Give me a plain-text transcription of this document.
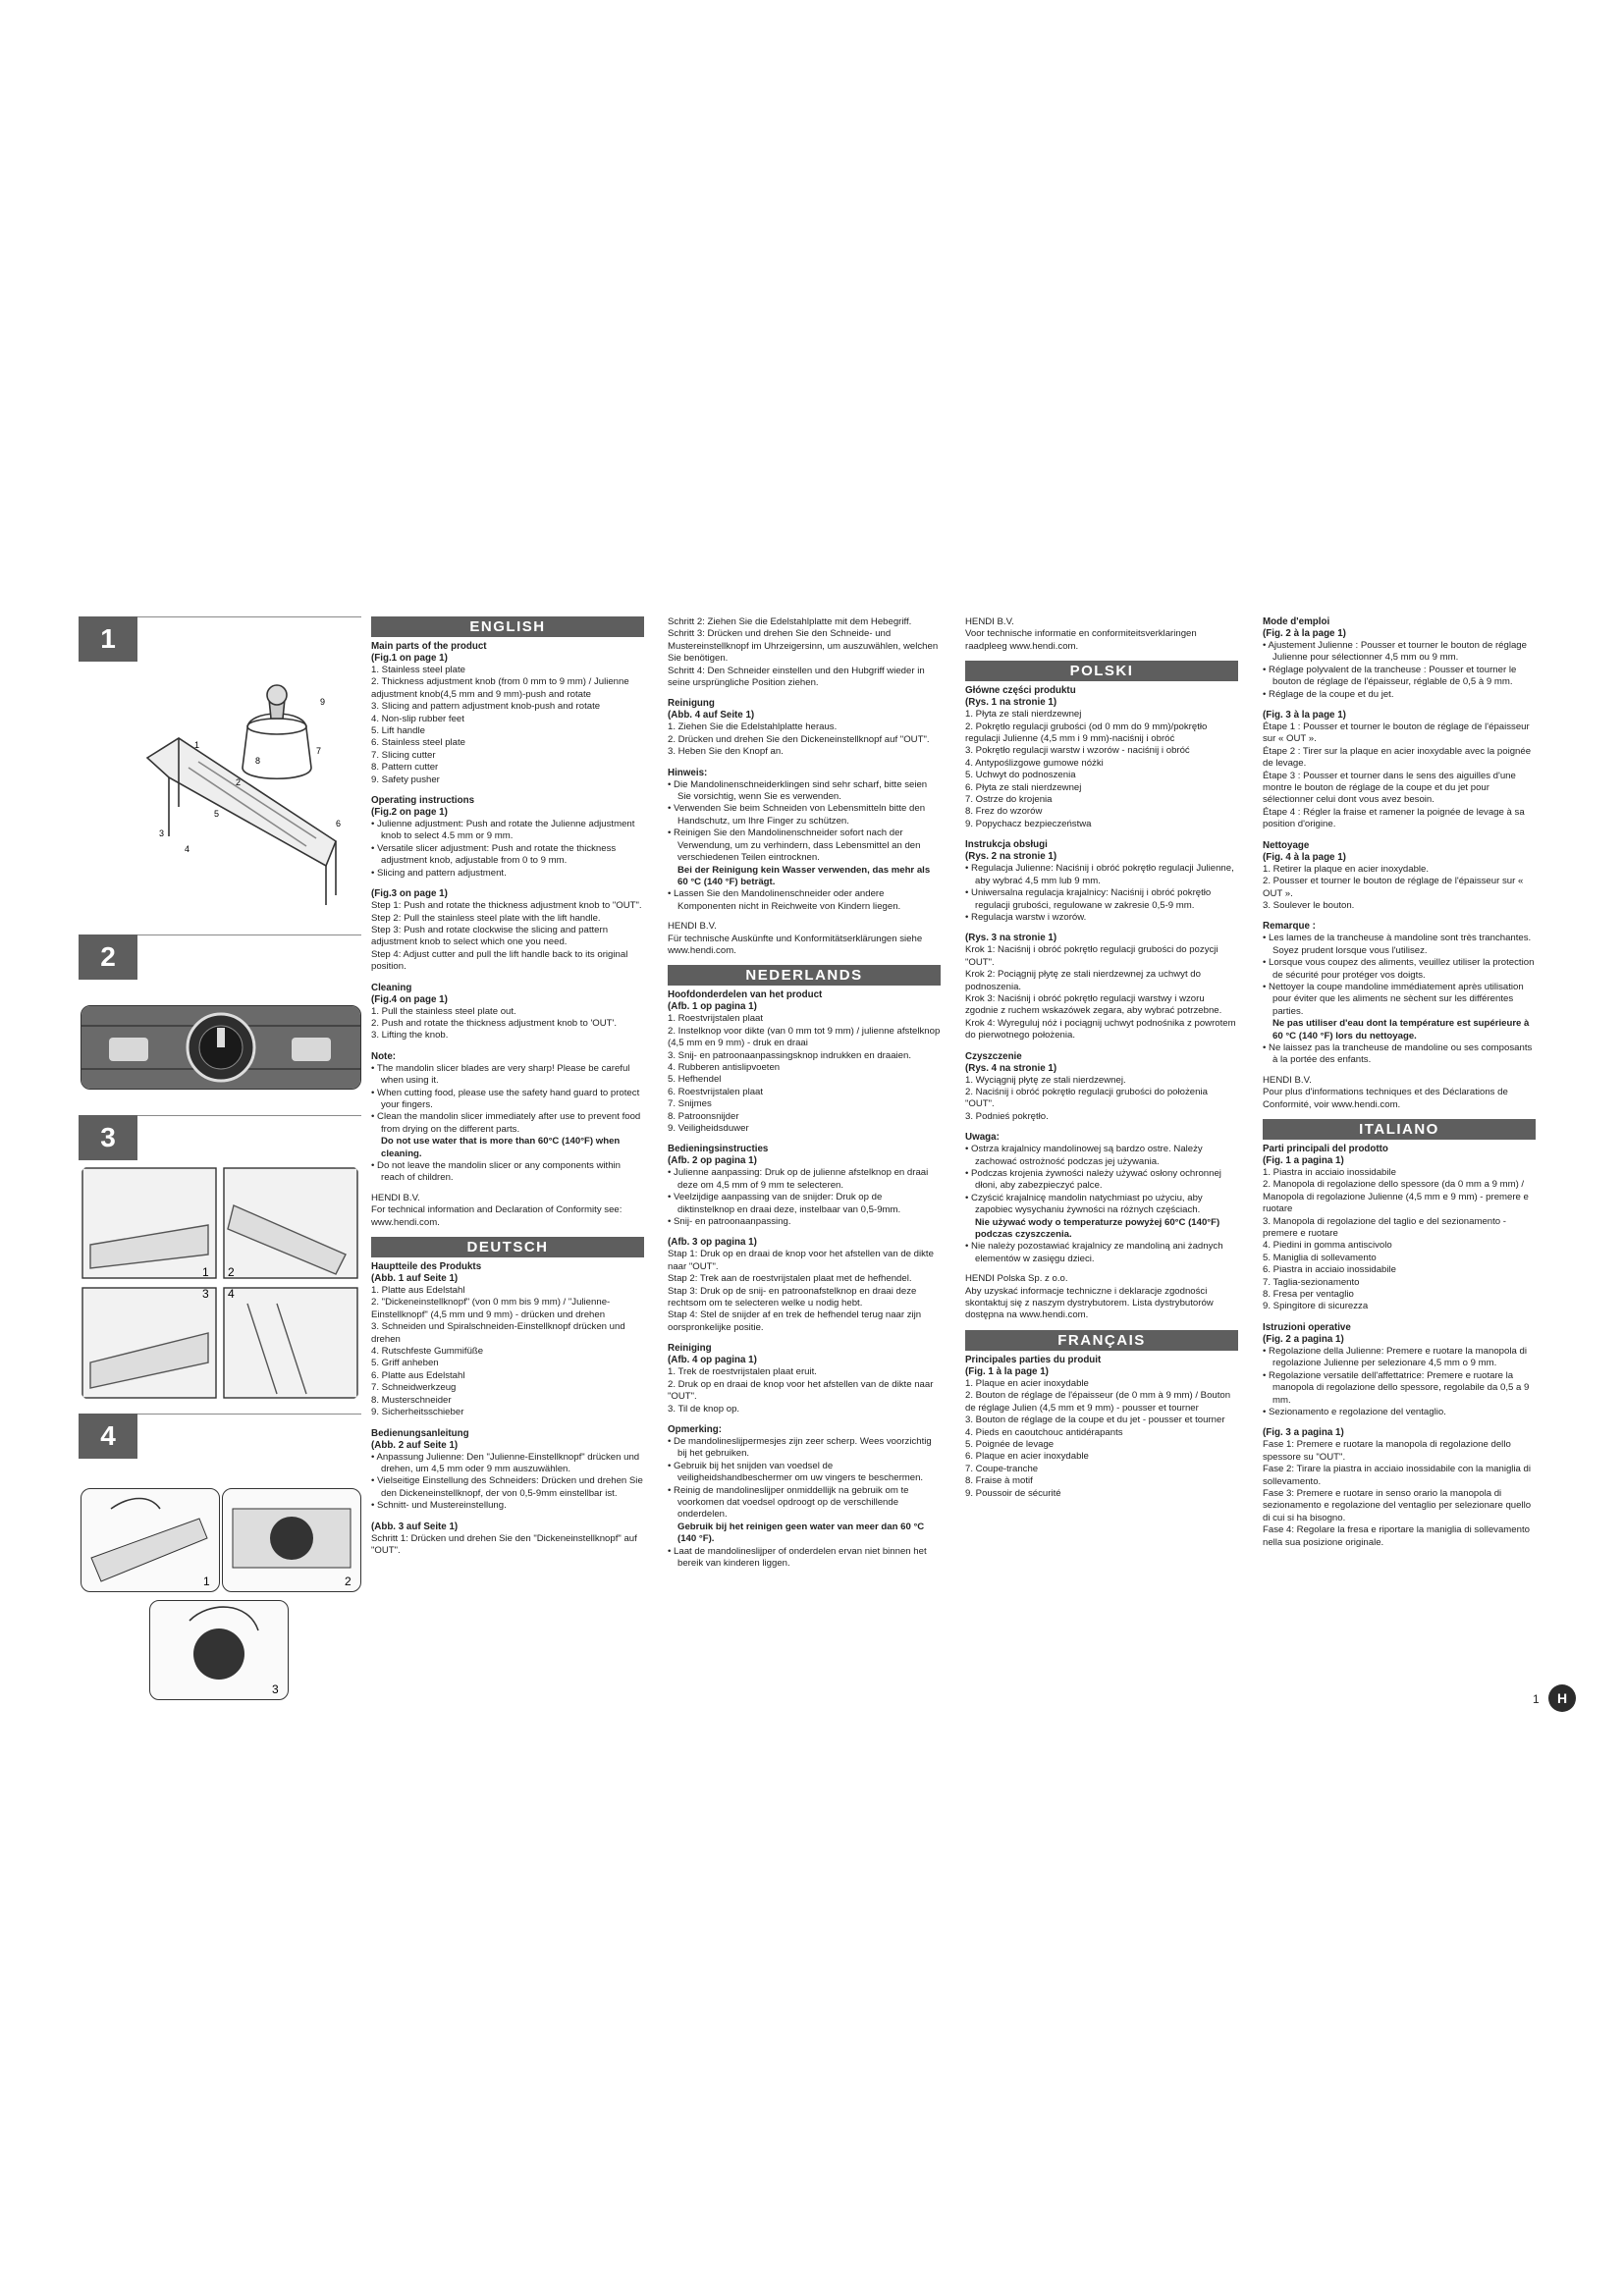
1
1
2
3
4
5
6
7
8
9
2
3
1 2
3 4
4
1	2
3
ENGLISH
Main parts of the product
(Fig.1 on page 1)
1. Stainless steel plate
2. Thickness adjustment knob (from 0 mm to 9 mm) / Julienne adjustment knob(4,5 mm and 9 mm)-push and rotate
3. Slicing and pattern adjustment knob-push and rotate
4. Non-slip rubber feet
5. Lift handle
6. Stainless steel plate
7. Slicing cutter
8. Pattern cutter
9. Safety pusher
Operating instructions
(Fig.2 on page 1)
• Julienne adjustment: Push and rotate the Julienne adjustment knob to select 4.5 mm or 9 mm.
• Versatile slicer adjustment: Push and rotate the thickness adjustment knob, adjustable from 0 to 9 mm.
• Slicing and pattern adjustment.
(Fig.3 on page 1)
Step 1: Push and rotate the thickness adjustment knob to "OUT".
Step 2: Pull the stainless steel plate with the lift handle.
Step 3: Push and rotate clockwise the slicing and pattern adjustment knob to select which one you need.
Step 4: Adjust cutter and pull the lift handle back to its original position.
Cleaning
(Fig.4 on page 1)
1. Pull the stainless steel plate out.
2. Push and rotate the thickness adjustment knob to 'OUT'.
3. Lifting the knob.
Note:
• The mandolin slicer blades are very sharp! Please be careful when using it.
• When cutting food, please use the safety hand guard to protect your fingers.
• Clean the mandolin slicer immediately after use to prevent food from drying on the different parts.
Do not use water that is more than 60°C (140°F) when cleaning.
• Do not leave the mandolin slicer or any components within reach of children.

HENDI B.V.

For technical information and Declaration of Conformity see: www.hendi.com.

DEUTSCH
Hauptteile des Produkts
(Abb. 1 auf Seite 1)
1. Platte aus Edelstahl
2. "Dickeneinstellknopf" (von 0 mm bis 9 mm) / "Julienne-Einstellknopf" (4,5 mm und 9 mm) - drücken und drehen
3. Schneiden und Spiralschneiden-Einstellknopf drücken und drehen
4. Rutschfeste Gummifüße
5. Griff anheben
6. Platte aus Edelstahl
7. Schneidwerkzeug
8. Musterschneider
9. Sicherheitsschieber
Bedienungsanleitung
(Abb. 2 auf Seite 1)
• Anpassung Julienne: Den "Julienne-Einstellknopf" drücken und drehen, um 4,5 mm oder 9 mm auszuwählen.
• Vielseitige Einstellung des Schneiders: Drücken und drehen Sie den Dickeneinstellknopf, der von 0,5-9mm einstellbar ist.
• Schnitt- und Mustereinstellung.
(Abb. 3 auf Seite 1)
Schritt 1: Drücken und drehen Sie den "Dickeneinstellknopf" auf "OUT".
Schritt 2: Ziehen Sie die Edelstahlplatte mit dem Hebegriff.
Schritt 3: Drücken und drehen Sie den Schneide- und Mustereinstellknopf im Uhrzeigersinn, um auszuwählen, welchen Sie benötigen.
Schritt 4: Den Schneider einstellen und den Hubgriff wieder in seine ursprüngliche Position ziehen.
Reinigung
(Abb. 4 auf Seite 1)
1. Ziehen Sie die Edelstahlplatte heraus.
2. Drücken und drehen Sie den Dickeneinstellknopf auf "OUT".
3. Heben Sie den Knopf an.
Hinweis:
• Die Mandolinenschneiderklingen sind sehr scharf, bitte seien Sie vorsichtig, wenn Sie es verwenden.
• Verwenden Sie beim Schneiden von Lebensmitteln bitte den Handschutz, um Ihre Finger zu schützen.
• Reinigen Sie den Mandolinenschneider sofort nach der Verwendung, um zu verhindern, dass Lebensmittel an den verschiedenen Teilen eintrocknen.
Bei der Reinigung kein Wasser verwenden, das mehr als 60 °C (140 °F) beträgt.
• Lassen Sie den Mandolinenschneider oder andere Komponenten nicht in Reichweite von Kindern liegen.

HENDI B.V.

Für technische Auskünfte und Konformitätserklärungen siehe www.hendi.com.

NEDERLANDS
Hoofdonderdelen van het product
(Afb. 1 op pagina 1)
1. Roestvrijstalen plaat
2. Instelknop voor dikte (van 0 mm tot 9 mm) / julienne afstelknop (4,5 mm en 9 mm) - druk en draai
3. Snij- en patroonaanpassingsknop indrukken en draaien.
4. Rubberen antislipvoeten
5. Hefhendel
6. Roestvrijstalen plaat
7. Snijmes
8. Patroonsnijder
9. Veiligheidsduwer
Bedieningsinstructies
(Afb. 2 op pagina 1)
• Julienne aanpassing: Druk op de julienne afstelknop en draai deze om 4,5 mm of 9 mm te selecteren.
• Veelzijdige aanpassing van de snijder: Druk op de diktinstelknop en draai deze, instelbaar van 0,5-9mm.
• Snij- en patroonaanpassing.
(Afb. 3 op pagina 1)
Stap 1: Druk op en draai de knop voor het afstellen van de dikte naar "OUT".
Stap 2: Trek aan de roestvrijstalen plaat met de hefhendel.
Stap 3: Druk op de snij- en patroonafstelknop en draai deze rechtsom om te selecteren welke u nodig hebt.
Stap 4: Stel de snijder af en trek de hefhendel terug naar zijn oorspronkelijke positie.
Reiniging
(Afb. 4 op pagina 1)
1. Trek de roestvrijstalen plaat eruit.
2. Druk op en draai de knop voor het afstellen van de dikte naar "OUT".
3. Til de knop op.
Opmerking:
• De mandolineslijpermesjes zijn zeer scherp. Wees voorzichtig bij het gebruiken.
• Gebruik bij het snijden van voedsel de veiligheidshandbeschermer om uw vingers te beschermen.
• Reinig de mandolineslijper onmiddellijk na gebruik om te voorkomen dat voedsel opdroogt op de verschillende onderdelen.
Gebruik bij het reinigen geen water van meer dan 60 °C (140 °F).
• Laat de mandolineslijper of onderdelen ervan niet binnen het bereik van kinderen liggen.

HENDI B.V.

Voor technische informatie en conformiteitsverklaringen raadpleeg www.hendi.com.

POLSKI
Główne części produktu
(Rys. 1 na stronie 1)
1. Płyta ze stali nierdzewnej
2. Pokrętło regulacji grubości (od 0 mm do 9 mm)/pokrętło regulacji Julienne (4,5 mm i 9 mm)-naciśnij i obróć
3. Pokrętło regulacji warstw i wzorów - naciśnij i obróć
4. Antypoślizgowe gumowe nóżki
5. Uchwyt do podnoszenia
6. Płyta ze stali nierdzewnej
7. Ostrze do krojenia
8. Frez do wzorów
9. Popychacz bezpieczeństwa
Instrukcja obsługi
(Rys. 2 na stronie 1)
• Regulacja Julienne: Naciśnij i obróć pokrętło regulacji Julienne, aby wybrać 4,5 mm lub 9 mm.
• Uniwersalna regulacja krajalnicy: Naciśnij i obróć pokrętło regulacji grubości, regulowane w zakresie 0,5-9 mm.
• Regulacja warstw i wzorów.
(Rys. 3 na stronie 1)
Krok 1: Naciśnij i obróć pokrętło regulacji grubości do pozycji "OUT".
Krok 2: Pociągnij płytę ze stali nierdzewnej za uchwyt do podnoszenia.
Krok 3: Naciśnij i obróć pokrętło regulacji warstwy i wzoru zgodnie z ruchem wskazówek zegara, aby wybrać potrzebne.
Krok 4: Wyreguluj nóż i pociągnij uchwyt podnośnika z powrotem do pierwotnego położenia.
Czyszczenie
(Rys. 4 na stronie 1)
1. Wyciągnij płytę ze stali nierdzewnej.
2. Naciśnij i obróć pokrętło regulacji grubości do położenia "OUT".
3. Podnieś pokrętło.
Uwaga:
• Ostrza krajalnicy mandolinowej są bardzo ostre. Należy zachować ostrożność podczas jej używania.
• Podczas krojenia żywności należy używać osłony ochronnej dłoni, aby zabezpieczyć palce.
• Czyścić krajalnicę mandolin natychmiast po użyciu, aby zapobiec wysychaniu żywności na różnych częściach.
Nie używać wody o temperaturze powyżej 60°C (140°F) podczas czyszczenia.
• Nie należy pozostawiać krajalnicy ze mandoliną ani żadnych elementów w zasięgu dzieci.

HENDI Polska Sp. z o.o.

Aby uzyskać informacje techniczne i deklaracje zgodności skontaktuj się z naszym dystrybutorem. Lista dystrybutorów dostępna na www.hendi.com.

FRANÇAIS
Principales parties du produit
(Fig. 1 à la page 1)
1. Plaque en acier inoxydable
2. Bouton de réglage de l'épaisseur (de 0 mm à 9 mm) / Bouton de réglage Julien (4,5 mm et 9 mm) - pousser et tourner
3. Bouton de réglage de la coupe et du jet - pousser et tourner
4. Pieds en caoutchouc antidérapants
5. Poignée de levage
6. Plaque en acier inoxydable
7. Coupe-tranche
8. Fraise à motif
9. Poussoir de sécurité
Mode d'emploi
(Fig. 2 à la page 1)
• Ajustement Julienne : Pousser et tourner le bouton de réglage Julienne pour sélectionner 4,5 mm ou 9 mm.
• Réglage polyvalent de la trancheuse : Pousser et tourner le bouton de réglage de l'épaisseur, réglable de 0,5 à 9 mm.
• Réglage de la coupe et du jet.
(Fig. 3 à la page 1)
Étape 1 : Pousser et tourner le bouton de réglage de l'épaisseur sur « OUT ».
Étape 2 : Tirer sur la plaque en acier inoxydable avec la poignée de levage.
Étape 3 : Pousser et tourner dans le sens des aiguilles d'une montre le bouton de réglage de la coupe et du jet pour sélectionner celui dont vous avez besoin.
Étape 4 : Régler la fraise et ramener la poignée de levage à sa position d'origine.
Nettoyage
(Fig. 4 à la page 1)
1. Retirer la plaque en acier inoxydable.
2. Pousser et tourner le bouton de réglage de l'épaisseur sur « OUT ».
3. Soulever le bouton.
Remarque :
• Les lames de la trancheuse à mandoline sont très tranchantes. Soyez prudent lorsque vous l'utilisez.
• Lorsque vous coupez des aliments, veuillez utiliser la protection de sécurité pour protéger vos doigts.
• Nettoyer la coupe mandoline immédiatement après utilisation pour éviter que les aliments ne sèchent sur les différentes parties.
Ne pas utiliser d'eau dont la température est supérieure à 60 °C (140 °F) lors du nettoyage.
• Ne laissez pas la trancheuse de mandoline ou ses composants à la portée des enfants.

HENDI B.V.

Pour plus d'informations techniques et des Déclarations de Conformité, voir www.hendi.com.

ITALIANO
Parti principali del prodotto
(Fig. 1 a pagina 1)
1. Piastra in acciaio inossidabile
2. Manopola di regolazione dello spessore (da 0 mm a 9 mm) / Manopola di regolazione Julienne (4,5 mm e 9 mm) - premere e ruotare
3. Manopola di regolazione del taglio e del sezionamento - premere e ruotare
4. Piedini in gomma antiscivolo
5. Maniglia di sollevamento
6. Piastra in acciaio inossidabile
7. Taglia-sezionamento
8. Fresa per ventaglio
9. Spingitore di sicurezza
Istruzioni operative
(Fig. 2 a pagina 1)
• Regolazione della Julienne: Premere e ruotare la manopola di regolazione Julienne per selezionare 4,5 mm o 9 mm.
• Regolazione versatile dell'affettatrice: Premere e ruotare la manopola di regolazione dello spessore, regolabile da 0,5 a 9 mm.
• Sezionamento e regolazione del ventaglio.
(Fig. 3 a pagina 1)
Fase 1: Premere e ruotare la manopola di regolazione dello spessore su "OUT".
Fase 2: Tirare la piastra in acciaio inossidabile con la maniglia di sollevamento.
Fase 3: Premere e ruotare in senso orario la manopola di sezionamento e regolazione del ventaglio per selezionare quello di cui si ha bisogno.
Fase 4: Regolare la fresa e riportare la maniglia di sollevamento nella sua posizione originale.
1	H
